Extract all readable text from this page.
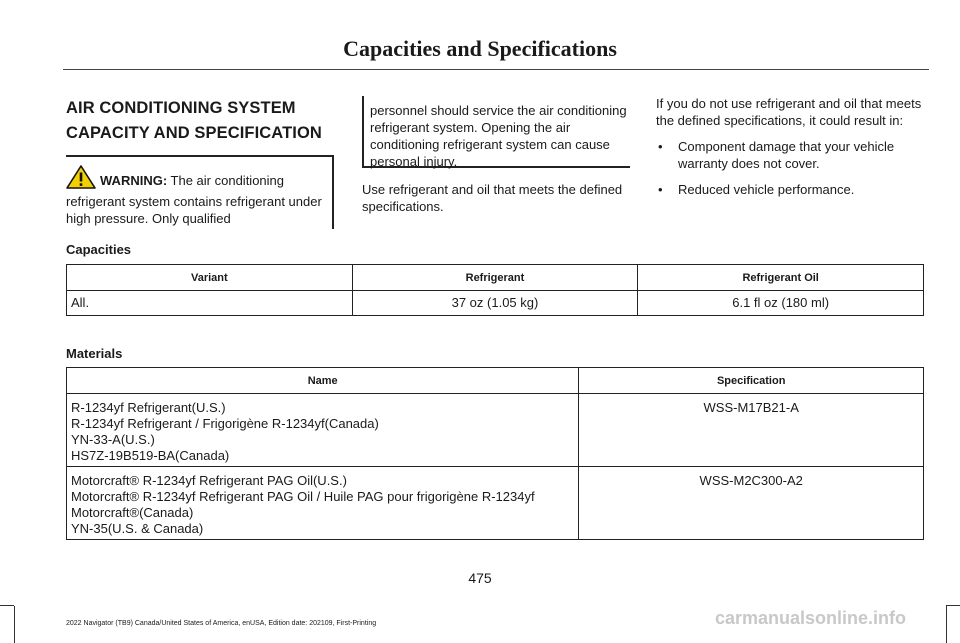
Capacities and Specifications
AIR CONDITIONING SYSTEM
CAPACITY AND SPECIFICATION
WARNING: The air conditioning refrigerant system contains refrigerant under high pressure. Only qualified
personnel should service the air conditioning refrigerant system. Opening the air conditioning refrigerant system can cause personal injury.
Use refrigerant and oil that meets the defined specifications.

If you do not use refrigerant and oil that meets the defined specifications, it could result in:

• Component damage that your vehicle warranty does not cover.
• Reduced vehicle performance.
Capacities
Variant	Refrigerant	Refrigerant Oil
All.	37 oz (1.05 kg)	6.1 fl oz (180 ml)
Materials
Name	Specification

R-1234yf Refrigerant(U.S.)
R-1234yf Refrigerant / Frigorigène R-1234yf(Canada)
YN-33-A(U.S.)
HS7Z-19B519-BA(Canada)	WSS-M17B21-A

Motorcraft® R-1234yf Refrigerant PAG Oil(U.S.)
Motorcraft® R-1234yf Refrigerant PAG Oil / Huile PAG pour frigorigène R-1234yf
Motorcraft®(Canada)
YN-35(U.S. & Canada)	WSS-M2C300-A2
475
2022 Navigator (TB9) Canada/United States of America, enUSA, Edition date: 202109, First-Printing	carmanualsonline.info
